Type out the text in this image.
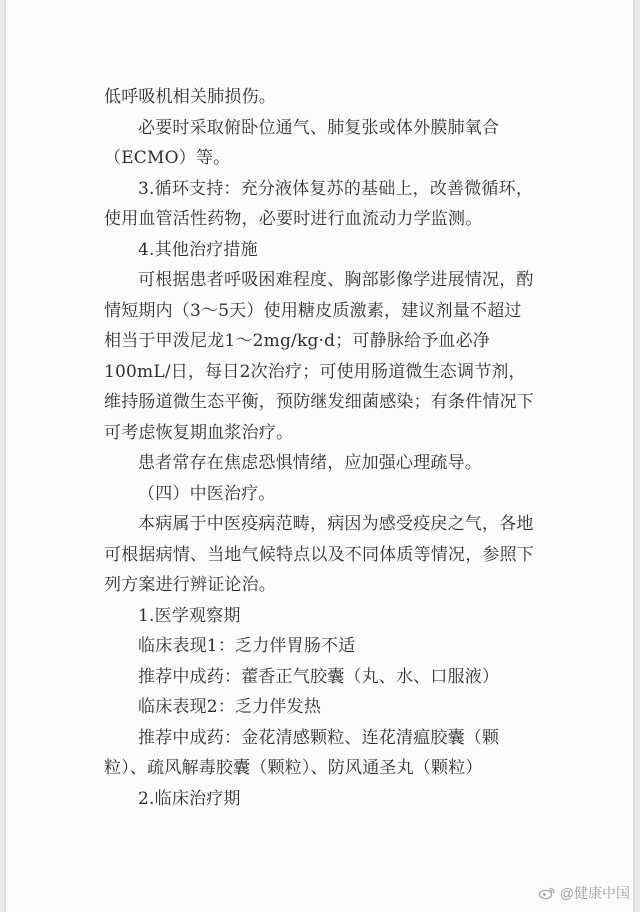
低呼吸机相关肺损伤。

必要时采取俯卧位通气、肺复张或体外膜肺氧合（ECMO）等。

3.循环支持：充分液体复苏的基础上，改善微循环，使用血管活性药物，必要时进行血流动力学监测。

4.其他治疗措施

可根据患者呼吸困难程度、胸部影像学进展情况，酌情短期内（3～5天）使用糖皮质激素，建议剂量不超过相当于甲泼尼龙1～2mg/kg·d；可静脉给予血必净100mL/日，每日2次治疗；可使用肠道微生态调节剂，维持肠道微生态平衡，预防继发细菌感染；有条件情况下可考虑恢复期血浆治疗。

患者常存在焦虑恐惧情绪，应加强心理疏导。

（四）中医治疗。

本病属于中医疫病范畴，病因为感受疫戾之气，各地可根据病情、当地气候特点以及不同体质等情况，参照下列方案进行辨证论治。

1.医学观察期

临床表现1：乏力伴胃肠不适

推荐中成药：藿香正气胶囊（丸、水、口服液）

临床表现2：乏力伴发热

推荐中成药：金花清感颗粒、连花清瘟胶囊（颗粒）、疏风解毒胶囊（颗粒）、防风通圣丸（颗粒）

2.临床治疗期

@健康中国
